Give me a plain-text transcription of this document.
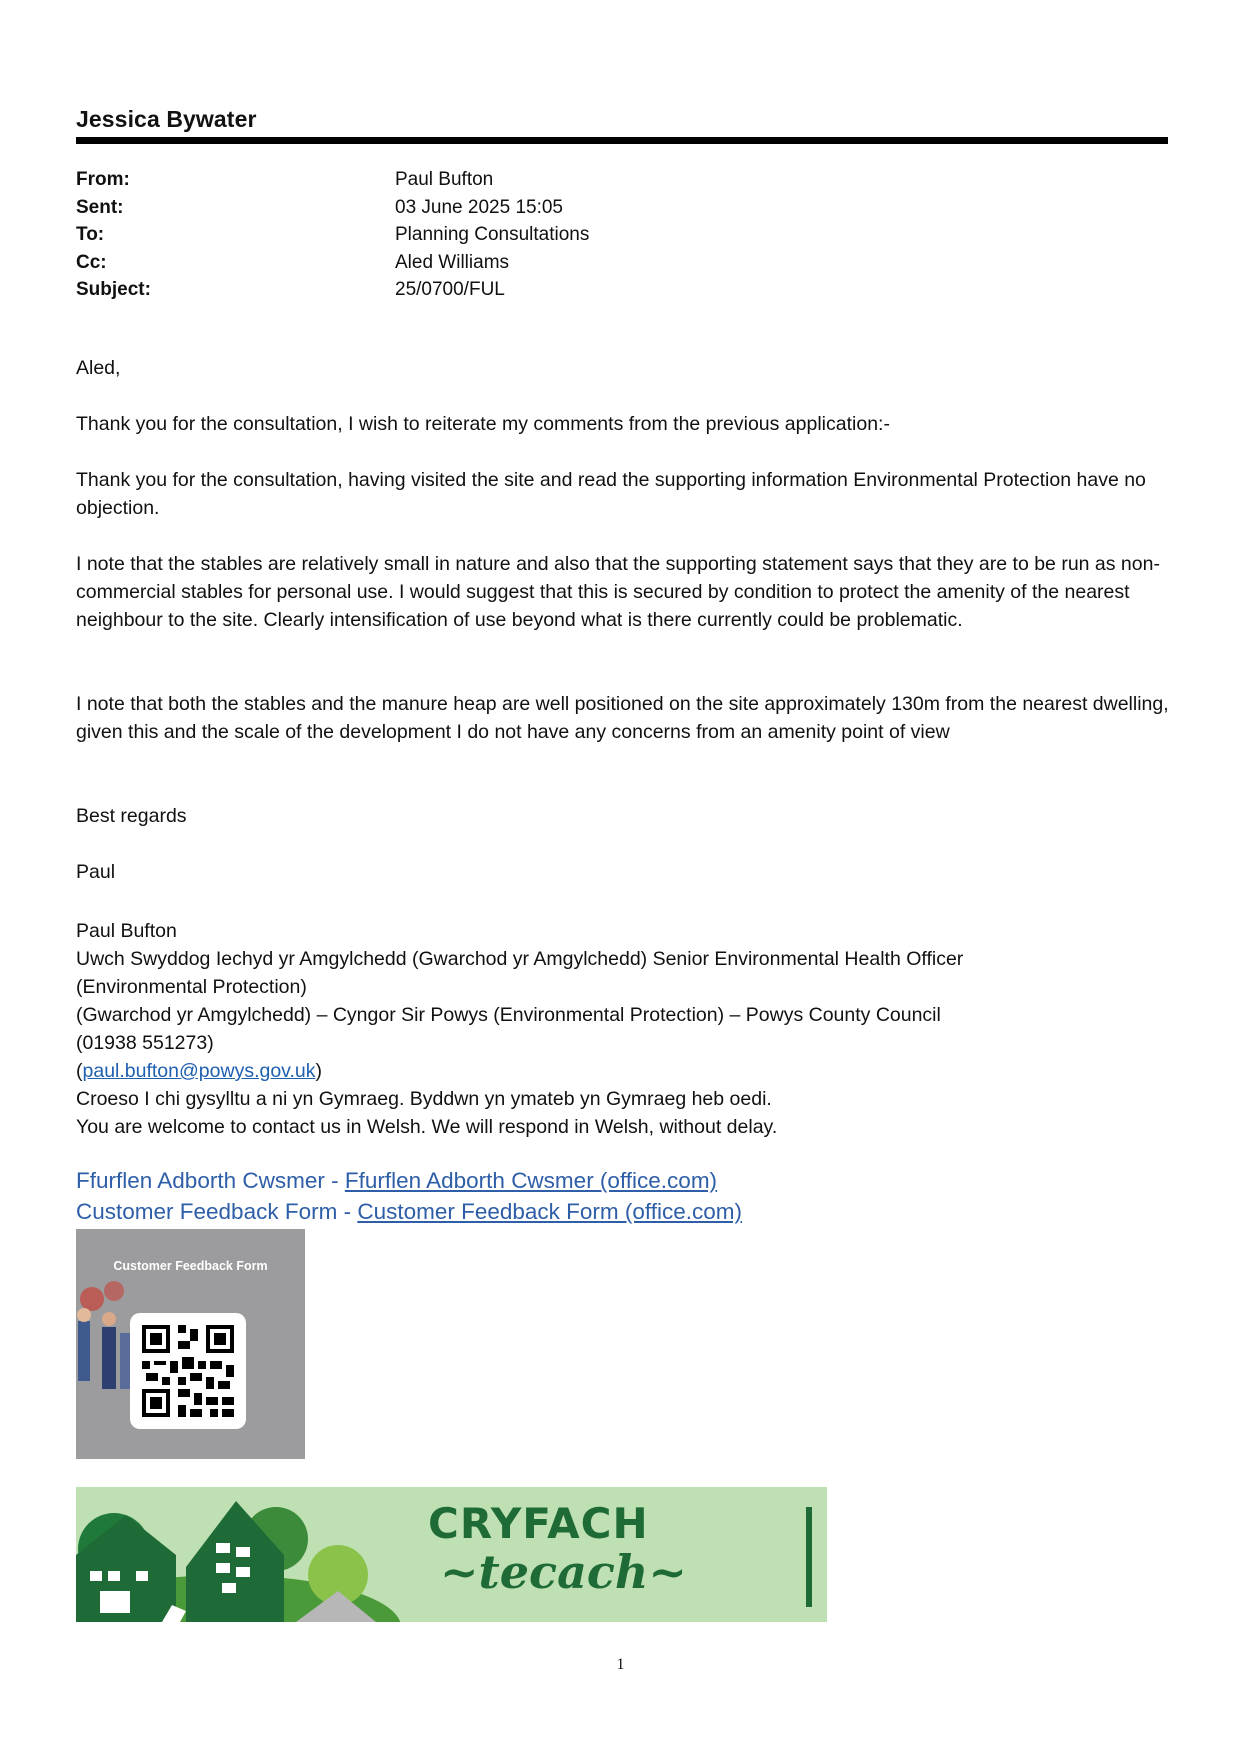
Jessica Bywater
From:	Paul Bufton
Sent:	03 June 2025 15:05
To:	Planning Consultations
Cc:	Aled Williams
Subject:	25/0700/FUL

Aled,

Thank you for the consultation, I wish to reiterate my comments from the previous application:-

Thank you for the consultation, having visited the site and read the supporting information Environmental Protection have no objection.

I note that the stables are relatively small in nature and also that the supporting statement says that they are to be run as non-commercial stables for personal use. I would suggest that this is secured by condition to protect the amenity of the nearest neighbour to the site. Clearly intensification of use beyond what is there currently could be problematic.

I note that both the stables and the manure heap are well positioned on the site approximately 130m from the nearest dwelling, given this and the scale of the development I do not have any concerns from an amenity point of view

Best regards

Paul

Paul Bufton
Uwch Swyddog Iechyd yr Amgylchedd (Gwarchod yr Amgylchedd) Senior Environmental Health Officer
(Environmental Protection)
(Gwarchod yr Amgylchedd) – Cyngor Sir Powys (Environmental Protection) – Powys County Council
(01938 551273)
(paul.bufton@powys.gov.uk)
Croeso I chi gysylltu a ni yn Gymraeg. Byddwn yn ymateb yn Gymraeg heb oedi.
You are welcome to contact us in Welsh. We will respond in Welsh, without delay.
Ffurflen Adborth Cwsmer - Ffurflen Adborth Cwsmer (office.com)
Customer Feedback Form - Customer Feedback Form (office.com)
Customer Feedback Form
CRYFACH
~tecach~
1
